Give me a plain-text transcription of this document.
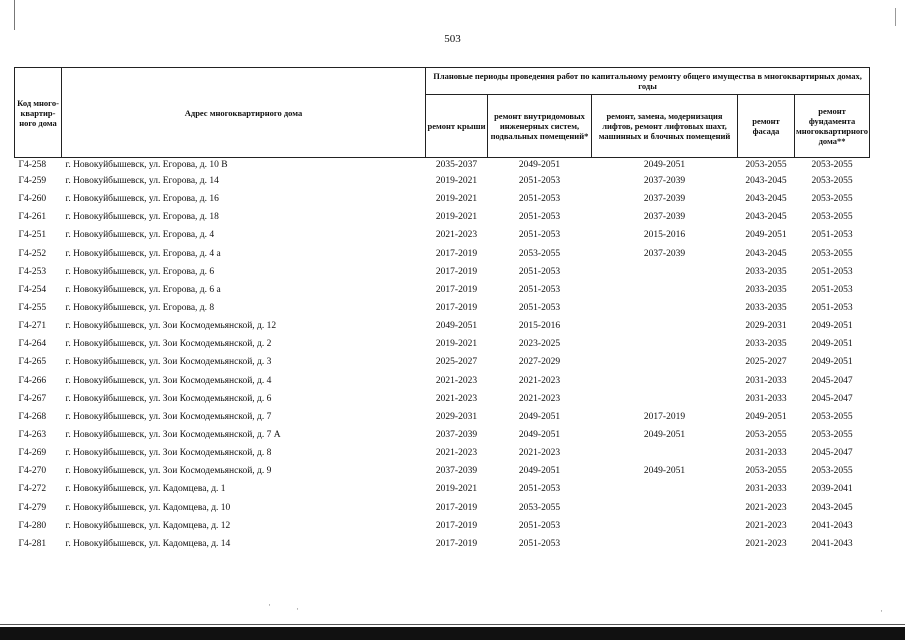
503
Код много-квартир-ного дома	Адрес многоквартирного дома	Плановые периоды проведения работ по капитальному ремонту общего имущества в многоквартирных домах, годы				
		ремонт крыши	ремонт внутридомовых инженерных систем, подвальных помещений*	ремонт, замена, модернизация лифтов, ремонт лифтовых шахт, машинных и блочных помещений	ремонт фасада	ремонт фундамента многоквартирного дома**
Г4-258	г. Новокуйбышевск, ул. Егорова, д. 10 В	2035-2037	2049-2051	2049-2051	2053-2055	2053-2055
Г4-259	г. Новокуйбышевск, ул. Егорова, д. 14	2019-2021	2051-2053	2037-2039	2043-2045	2053-2055
Г4-260	г. Новокуйбышевск, ул. Егорова, д. 16	2019-2021	2051-2053	2037-2039	2043-2045	2053-2055
Г4-261	г. Новокуйбышевск, ул. Егорова, д. 18	2019-2021	2051-2053	2037-2039	2043-2045	2053-2055
Г4-251	г. Новокуйбышевск, ул. Егорова, д. 4	2021-2023	2051-2053	2015-2016	2049-2051	2051-2053
Г4-252	г. Новокуйбышевск, ул. Егорова, д. 4 а	2017-2019	2053-2055	2037-2039	2043-2045	2053-2055
Г4-253	г. Новокуйбышевск, ул. Егорова, д. 6	2017-2019	2051-2053		2033-2035	2051-2053
Г4-254	г. Новокуйбышевск, ул. Егорова, д. 6 а	2017-2019	2051-2053		2033-2035	2051-2053
Г4-255	г. Новокуйбышевск, ул. Егорова, д. 8	2017-2019	2051-2053		2033-2035	2051-2053
Г4-271	г. Новокуйбышевск, ул. Зои Космодемьянской, д. 12	2049-2051	2015-2016		2029-2031	2049-2051
Г4-264	г. Новокуйбышевск, ул. Зои Космодемьянской, д. 2	2019-2021	2023-2025		2033-2035	2049-2051
Г4-265	г. Новокуйбышевск, ул. Зои Космодемьянской, д. 3	2025-2027	2027-2029		2025-2027	2049-2051
Г4-266	г. Новокуйбышевск, ул. Зои Космодемьянской, д. 4	2021-2023	2021-2023		2031-2033	2045-2047
Г4-267	г. Новокуйбышевск, ул. Зои Космодемьянской, д. 6	2021-2023	2021-2023		2031-2033	2045-2047
Г4-268	г. Новокуйбышевск, ул. Зои Космодемьянской, д. 7	2029-2031	2049-2051	2017-2019	2049-2051	2053-2055
Г4-263	г. Новокуйбышевск, ул. Зои Космодемьянской, д. 7 А	2037-2039	2049-2051	2049-2051	2053-2055	2053-2055
Г4-269	г. Новокуйбышевск, ул. Зои Космодемьянской, д. 8	2021-2023	2021-2023		2031-2033	2045-2047
Г4-270	г. Новокуйбышевск, ул. Зои Космодемьянской, д. 9	2037-2039	2049-2051	2049-2051	2053-2055	2053-2055
Г4-272	г. Новокуйбышевск, ул. Кадомцева, д. 1	2019-2021	2051-2053		2031-2033	2039-2041
Г4-279	г. Новокуйбышевск, ул. Кадомцева, д. 10	2017-2019	2053-2055		2021-2023	2043-2045
Г4-280	г. Новокуйбышевск, ул. Кадомцева, д. 12	2017-2019	2051-2053		2021-2023	2041-2043
Г4-281	г. Новокуйбышевск, ул. Кадомцева, д. 14	2017-2019	2051-2053		2021-2023	2041-2043
·	·	·
